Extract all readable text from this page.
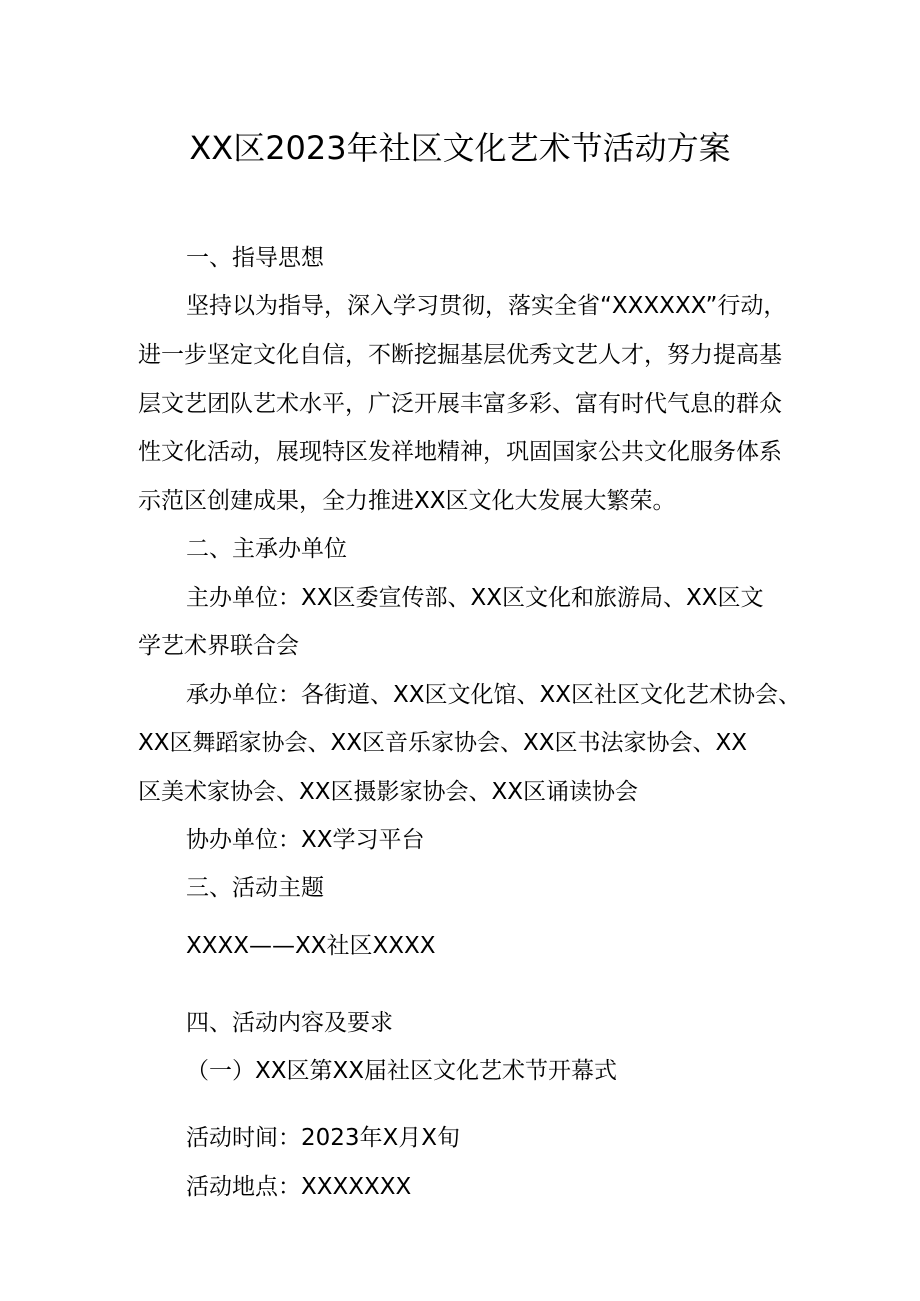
XX区2023年社区文化艺术节活动方案
一、指导思想
坚持以为指导，深入学习贯彻，落实全省“XXXXXX”行动，
进一步坚定文化自信，不断挖掘基层优秀文艺人才，努力提高基
层文艺团队艺术水平，广泛开展丰富多彩、富有时代气息的群众
性文化活动，展现特区发祥地精神，巩固国家公共文化服务体系
示范区创建成果，全力推进XX区文化大发展大繁荣。
二、主承办单位
主办单位：XX区委宣传部、XX区文化和旅游局、XX区文
学艺术界联合会
承办单位：各街道、XX区文化馆、XX区社区文化艺术协会、
XX区舞蹈家协会、XX区音乐家协会、XX区书法家协会、XX
区美术家协会、XX区摄影家协会、XX区诵读协会
协办单位：XX学习平台
三、活动主题
XXXX——XX社区XXXX
四、活动内容及要求
（一）XX区第XX届社区文化艺术节开幕式
活动时间：2023年X月X旬
活动地点：XXXXXXX
